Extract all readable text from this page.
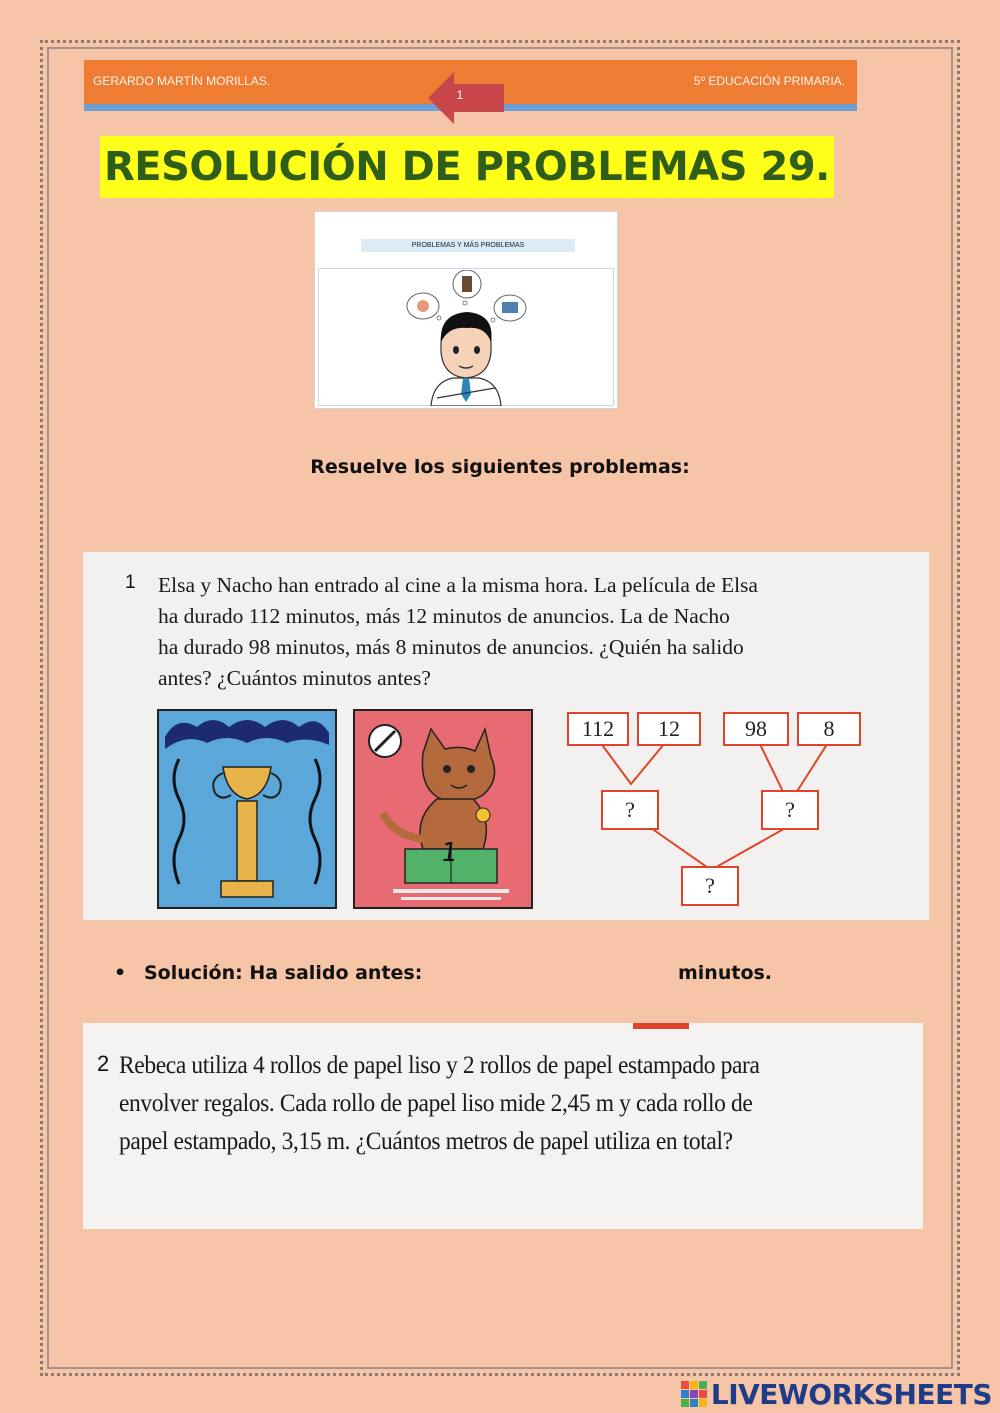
GERARDO MARTÍN MORILLAS.	5º EDUCACIÓN PRIMARIA.
1
RESOLUCIÓN DE PROBLEMAS 29.
PROBLEMAS Y MÁS PROBLEMAS
Resuelve los siguientes problemas:
1 Elsa y Nacho han entrado al cine a la misma hora. La película de Elsa
ha durado 112 minutos, más 12 minutos de anuncios. La de Nacho
ha durado 98 minutos, más 8 minutos de anuncios. ¿Quién ha salido
antes? ¿Cuántos minutos antes?
1
112	12	98	8
?	?
?
• Solución: Ha salido antes:	minutos.
2 Rebeca utiliza 4 rollos de papel liso y 2 rollos de papel estampado para
envolver regalos. Cada rollo de papel liso mide 2,45 m y cada rollo de
papel estampado, 3,15 m. ¿Cuántos metros de papel utiliza en total?
LIVEWORKSHEETS
